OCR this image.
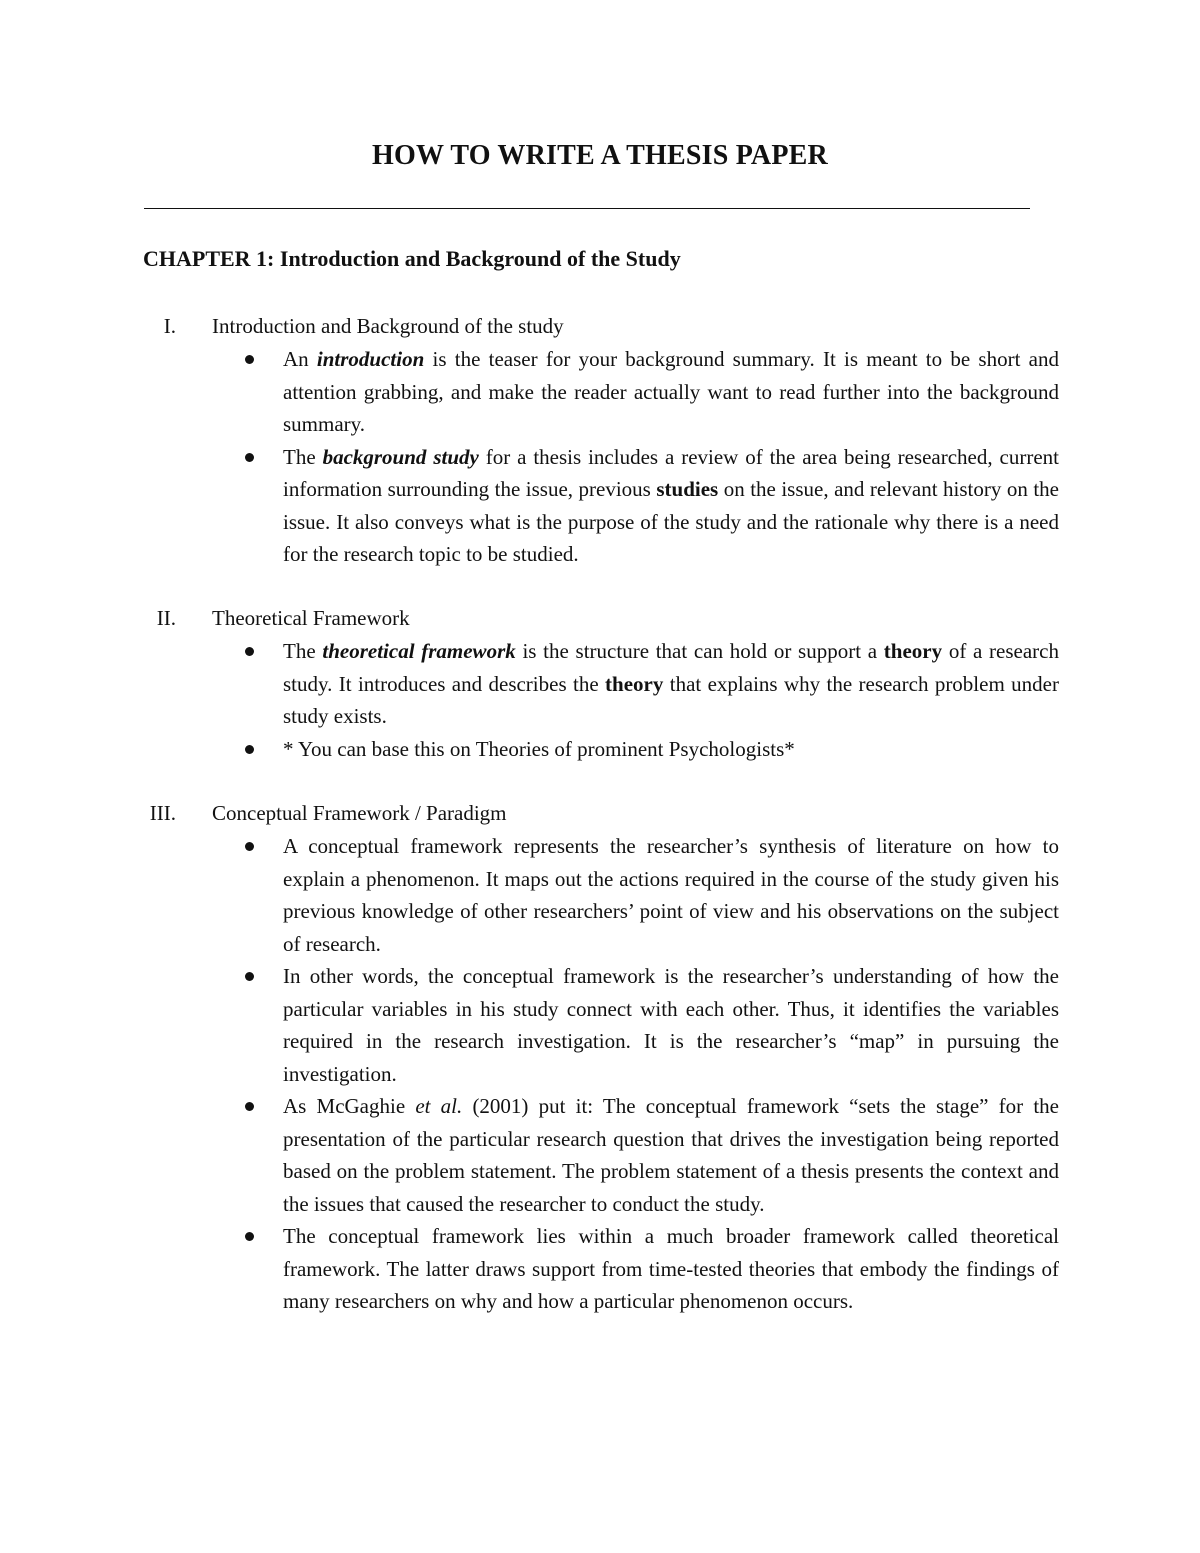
HOW TO WRITE A THESIS PAPER
CHAPTER 1: Introduction and Background of the Study
I. Introduction and Background of the study
An introduction is the teaser for your background summary. It is meant to be short and attention grabbing, and make the reader actually want to read further into the background summary.
The background study for a thesis includes a review of the area being researched, current information surrounding the issue, previous studies on the issue, and relevant history on the issue. It also conveys what is the purpose of the study and the rationale why there is a need for the research topic to be studied.
II. Theoretical Framework
The theoretical framework is the structure that can hold or support a theory of a research study. It introduces and describes the theory that explains why the research problem under study exists.
* You can base this on Theories of prominent Psychologists*
III. Conceptual Framework / Paradigm
A conceptual framework represents the researcher’s synthesis of literature on how to explain a phenomenon. It maps out the actions required in the course of the study given his previous knowledge of other researchers’ point of view and his observations on the subject of research.
In other words, the conceptual framework is the researcher’s understanding of how the particular variables in his study connect with each other. Thus, it identifies the variables required in the research investigation. It is the researcher’s “map” in pursuing the investigation.
As McGaghie et al. (2001) put it: The conceptual framework “sets the stage” for the presentation of the particular research question that drives the investigation being reported based on the problem statement. The problem statement of a thesis presents the context and the issues that caused the researcher to conduct the study.
The conceptual framework lies within a much broader framework called theoretical framework. The latter draws support from time-tested theories that embody the findings of many researchers on why and how a particular phenomenon occurs.
